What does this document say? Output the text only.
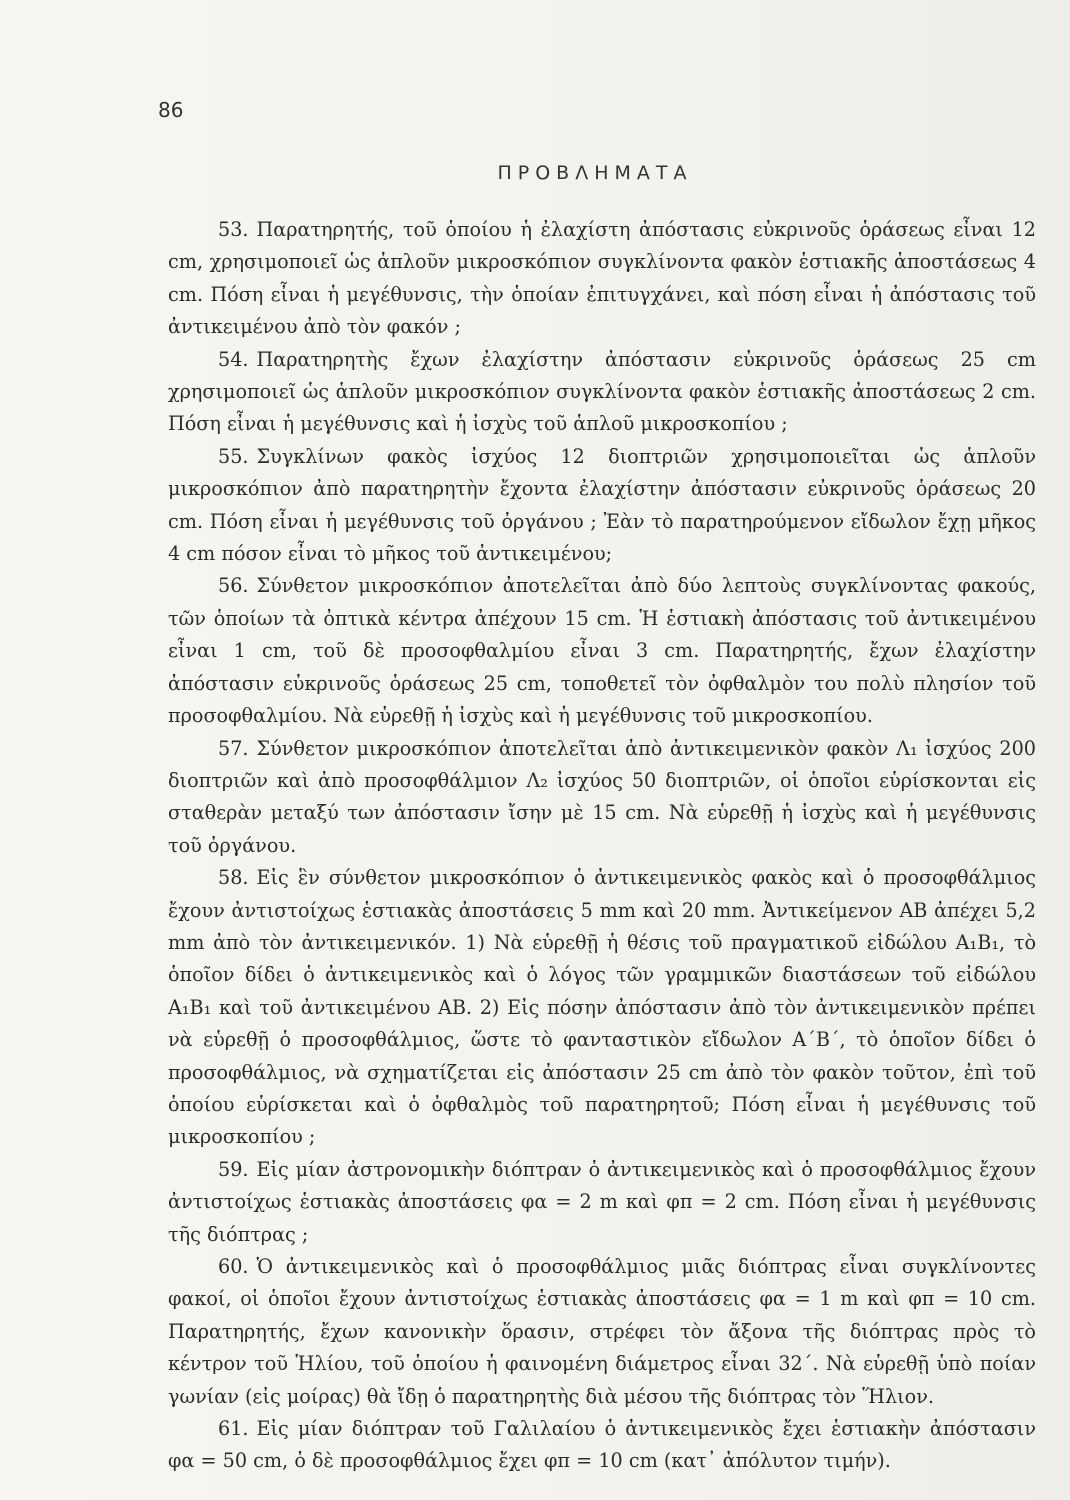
86
ΠΡΟΒΛΗΜΑΤΑ

53. Παρατηρητής, τοῦ ὁποίου ἡ ἐλαχίστη ἀπόστασις εὐκρινοῦς ὁράσεως εἶναι 12 cm, χρησιμοποιεῖ ὡς ἁπλοῦν μικροσκόπιον συγκλίνοντα φακὸν ἑστιακῆς ἀποστάσεως 4 cm. Πόση εἶναι ἡ μεγέθυνσις, τὴν ὁποίαν ἐπιτυγχάνει, καὶ πόση εἶναι ἡ ἀπόστασις τοῦ ἀντικειμένου ἀπὸ τὸν φακόν ;

54. Παρατηρητὴς ἔχων ἐλαχίστην ἀπόστασιν εὐκρινοῦς ὁράσεως 25 cm χρησιμοποιεῖ ὡς ἁπλοῦν μικροσκόπιον συγκλίνοντα φακὸν ἑστιακῆς ἀποστάσεως 2 cm. Πόση εἶναι ἡ μεγέθυνσις καὶ ἡ ἰσχὺς τοῦ ἁπλοῦ μικροσκοπίου ;

55. Συγκλίνων φακὸς ἰσχύος 12 διοπτριῶν χρησιμοποιεῖται ὡς ἁπλοῦν μικροσκόπιον ἀπὸ παρατηρητὴν ἔχοντα ἐλαχίστην ἀπόστασιν εὐκρινοῦς ὁράσεως 20 cm. Πόση εἶναι ἡ μεγέθυνσις τοῦ ὀργάνου ; Ἐὰν τὸ παρατηρούμενον εἴδωλον ἔχῃ μῆκος 4 cm πόσον εἶναι τὸ μῆκος τοῦ ἀντικειμένου;

56. Σύνθετον μικροσκόπιον ἀποτελεῖται ἀπὸ δύο λεπτοὺς συγκλίνοντας φακούς, τῶν ὁποίων τὰ ὀπτικὰ κέντρα ἀπέχουν 15 cm. Ἡ ἑστιακὴ ἀπόστασις τοῦ ἀντικειμένου εἶναι 1 cm, τοῦ δὲ προσοφθαλμίου εἶναι 3 cm. Παρατηρητής, ἔχων ἐλαχίστην ἀπόστασιν εὐκρινοῦς ὁράσεως 25 cm, τοποθετεῖ τὸν ὀφθαλμὸν του πολὺ πλησίον τοῦ προσοφθαλμίου. Νὰ εὑρεθῇ ἡ ἰσχὺς καὶ ἡ μεγέθυνσις τοῦ μικροσκοπίου.

57. Σύνθετον μικροσκόπιον ἀποτελεῖται ἀπὸ ἀντικειμενικὸν φακὸν Λ₁ ἰσχύος 200 διοπτριῶν καὶ ἀπὸ προσοφθάλμιον Λ₂ ἰσχύος 50 διοπτριῶν, οἱ ὁποῖοι εὑρίσκονται εἰς σταθερὰν μεταξύ των ἀπόστασιν ἴσην μὲ 15 cm. Νὰ εὑρεθῇ ἡ ἰσχὺς καὶ ἡ μεγέθυνσις τοῦ ὀργάνου.

58. Εἰς ἓν σύνθετον μικροσκόπιον ὁ ἀντικειμενικὸς φακὸς καὶ ὁ προσοφθάλμιος ἔχουν ἀντιστοίχως ἑστιακὰς ἀποστάσεις 5 mm καὶ 20 mm. Ἀντικείμενον ΑΒ ἀπέχει 5,2 mm ἀπὸ τὸν ἀντικειμενικόν. 1) Νὰ εὑρεθῇ ἡ θέσις τοῦ πραγματικοῦ εἰδώλου Α₁Β₁, τὸ ὁποῖον δίδει ὁ ἀντικειμενικὸς καὶ ὁ λόγος τῶν γραμμικῶν διαστάσεων τοῦ εἰδώλου Α₁Β₁ καὶ τοῦ ἀντικειμένου ΑΒ. 2) Εἰς πόσην ἀπόστασιν ἀπὸ τὸν ἀντικειμενικὸν πρέπει νὰ εὑρεθῇ ὁ προσοφθάλμιος, ὥστε τὸ φανταστικὸν εἴδωλον Α΄Β΄, τὸ ὁποῖον δίδει ὁ προσοφθάλμιος, νὰ σχηματίζεται εἰς ἀπόστασιν 25 cm ἀπὸ τὸν φακὸν τοῦτον, ἐπὶ τοῦ ὁποίου εὑρίσκεται καὶ ὁ ὀφθαλμὸς τοῦ παρατηρητοῦ; Πόση εἶναι ἡ μεγέθυνσις τοῦ μικροσκοπίου ;

59. Εἰς μίαν ἀστρονομικὴν διόπτραν ὁ ἀντικειμενικὸς καὶ ὁ προσοφθάλμιος ἔχουν ἀντιστοίχως ἑστιακὰς ἀποστάσεις φα = 2 m καὶ φπ = 2 cm. Πόση εἶναι ἡ μεγέθυνσις τῆς διόπτρας ;

60. Ὁ ἀντικειμενικὸς καὶ ὁ προσοφθάλμιος μιᾶς διόπτρας εἶναι συγκλίνοντες φακοί, οἱ ὁποῖοι ἔχουν ἀντιστοίχως ἑστιακὰς ἀποστάσεις φα = 1 m καὶ φπ = 10 cm. Παρατηρητής, ἔχων κανονικὴν ὅρασιν, στρέφει τὸν ἄξονα τῆς διόπτρας πρὸς τὸ κέντρον τοῦ Ἡλίου, τοῦ ὁποίου ἡ φαινομένη διάμετρος εἶναι 32΄. Νὰ εὑρεθῇ ὑπὸ ποίαν γωνίαν (εἰς μοίρας) θὰ ἴδῃ ὁ παρατηρητὴς διὰ μέσου τῆς διόπτρας τὸν Ἥλιον.

61. Εἰς μίαν διόπτραν τοῦ Γαλιλαίου ὁ ἀντικειμενικὸς ἔχει ἑστιακὴν ἀπόστασιν φα = 50 cm, ὁ δὲ προσοφθάλμιος ἔχει φπ = 10 cm (κατ᾽ ἀπόλυτον τιμήν).
